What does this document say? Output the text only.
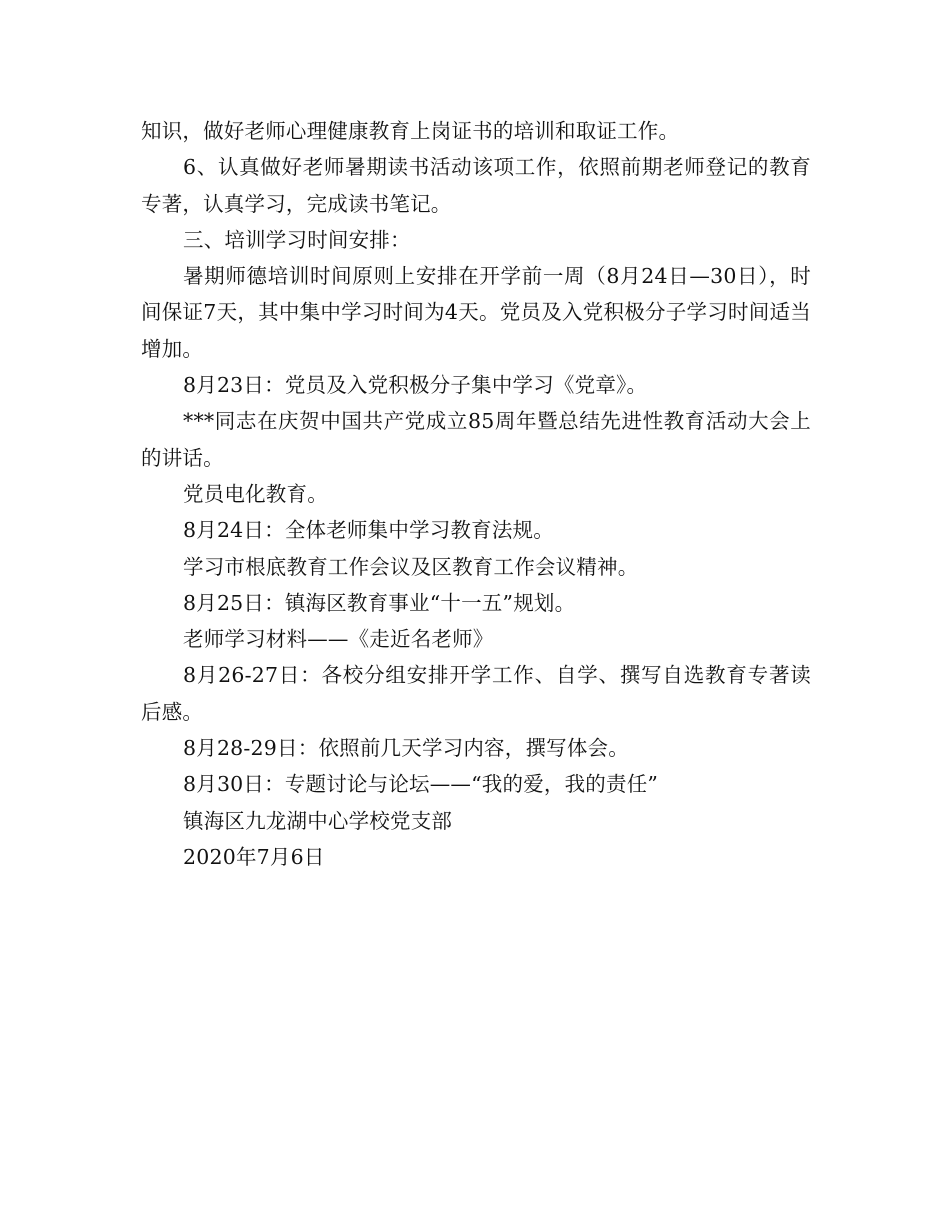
知识，做好老师心理健康教育上岗证书的培训和取证工作。

6、认真做好老师暑期读书活动该项工作，依照前期老师登记的教育专著，认真学习，完成读书笔记。

三、培训学习时间安排：

暑期师德培训时间原则上安排在开学前一周（8月24日—30日），时间保证7天，其中集中学习时间为4天。党员及入党积极分子学习时间适当增加。

8月23日：党员及入党积极分子集中学习《党章》。

***同志在庆贺中国共产党成立85周年暨总结先进性教育活动大会上的讲话。

党员电化教育。

8月24日：全体老师集中学习教育法规。

学习市根底教育工作会议及区教育工作会议精神。

8月25日：镇海区教育事业“十一五”规划。

老师学习材料——《走近名老师》

8月26-27日：各校分组安排开学工作、自学、撰写自选教育专著读后感。

8月28-29日：依照前几天学习内容，撰写体会。

8月30日：专题讨论与论坛——“我的爱，我的责任”

镇海区九龙湖中心学校党支部

2020年7月6日
